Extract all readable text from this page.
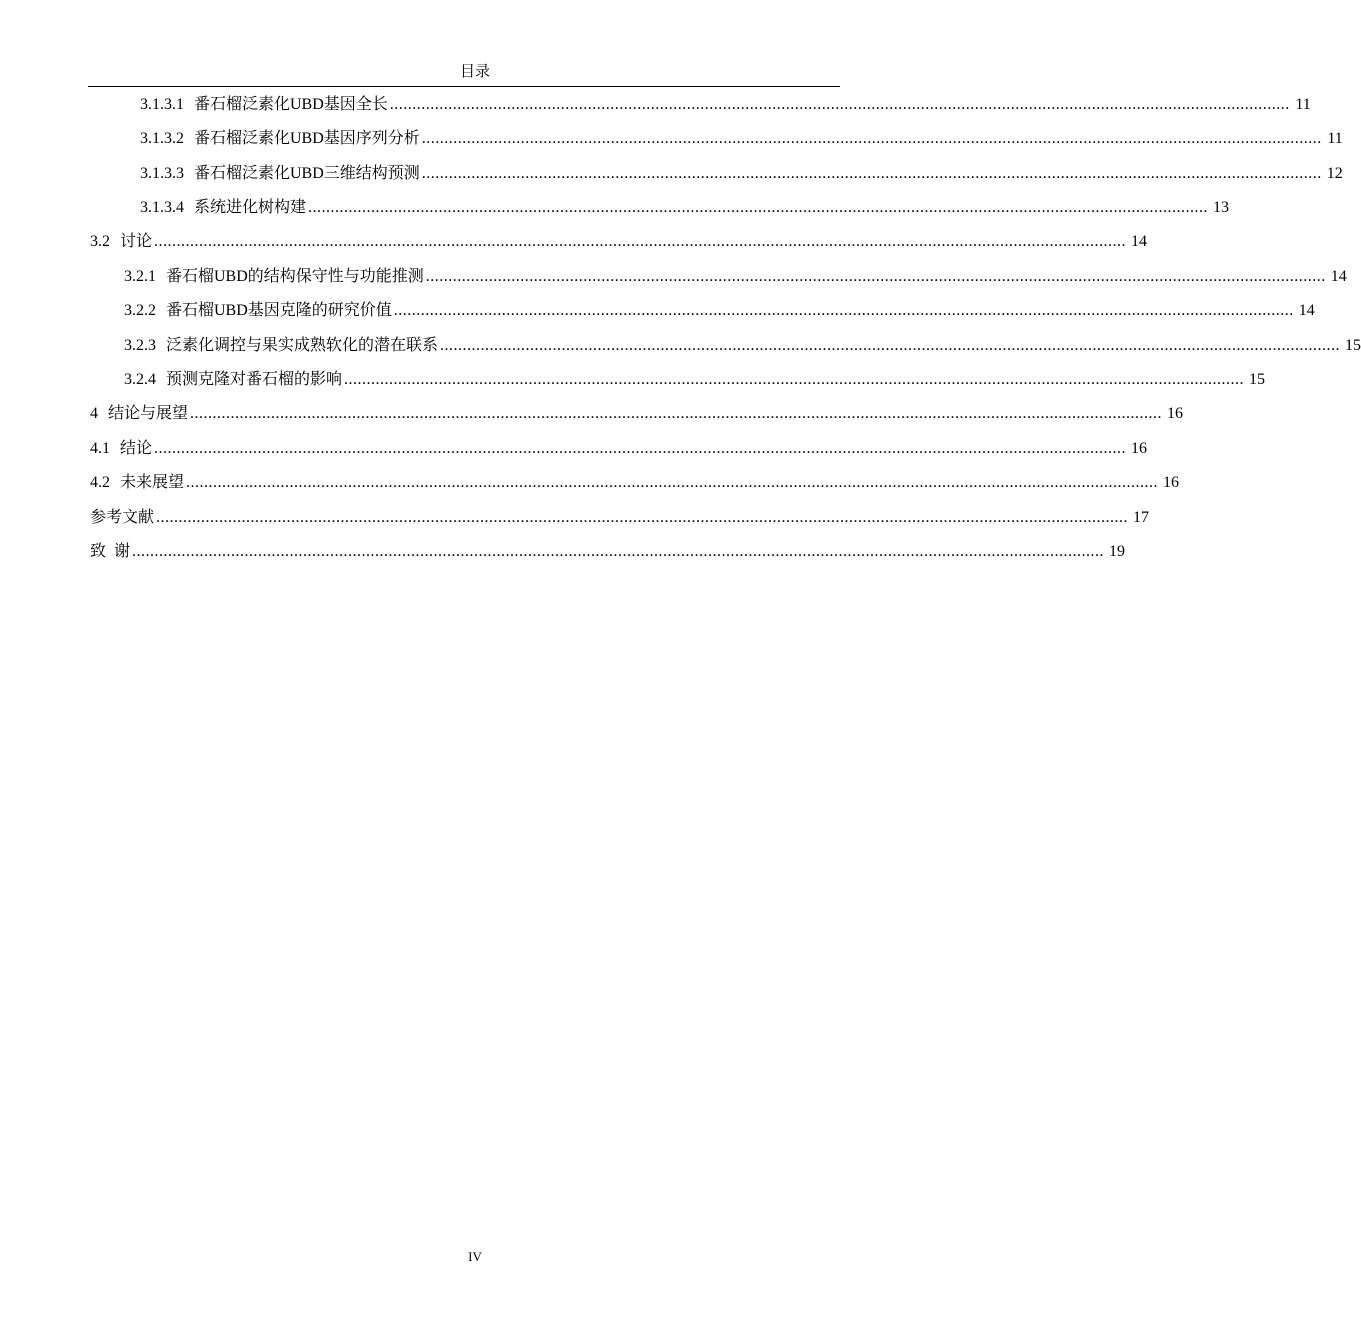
目录
3.1.3.1 番石榴泛素化UBD基因全长 ........................................................................................................................................................................................................ 11
3.1.3.2 番石榴泛素化UBD基因序列分析 ........................................................................................................................................................................................................ 11
3.1.3.3 番石榴泛素化UBD三维结构预测 ........................................................................................................................................................................................................ 12
3.1.3.4 系统进化树构建 ........................................................................................................................................................................................................ 13
3.2 讨论 ........................................................................................................................................................................................................................ 14
3.2.1 番石榴UBD的结构保守性与功能推测 ........................................................................................................................................................................................................ 14
3.2.2 番石榴UBD基因克隆的研究价值 ........................................................................................................................................................................................................ 14
3.2.3 泛素化调控与果实成熟软化的潜在联系 ........................................................................................................................................................................................................ 15
3.2.4 预测克隆对番石榴的影响 ........................................................................................................................................................................................................ 15
4 结论与展望 ........................................................................................................................................................................................................................ 16
4.1 结论 ........................................................................................................................................................................................................................ 16
4.2 未来展望 ........................................................................................................................................................................................................................ 16
参考文献 ........................................................................................................................................................................................................................ 17
致  谢 ........................................................................................................................................................................................................................ 19
IV
